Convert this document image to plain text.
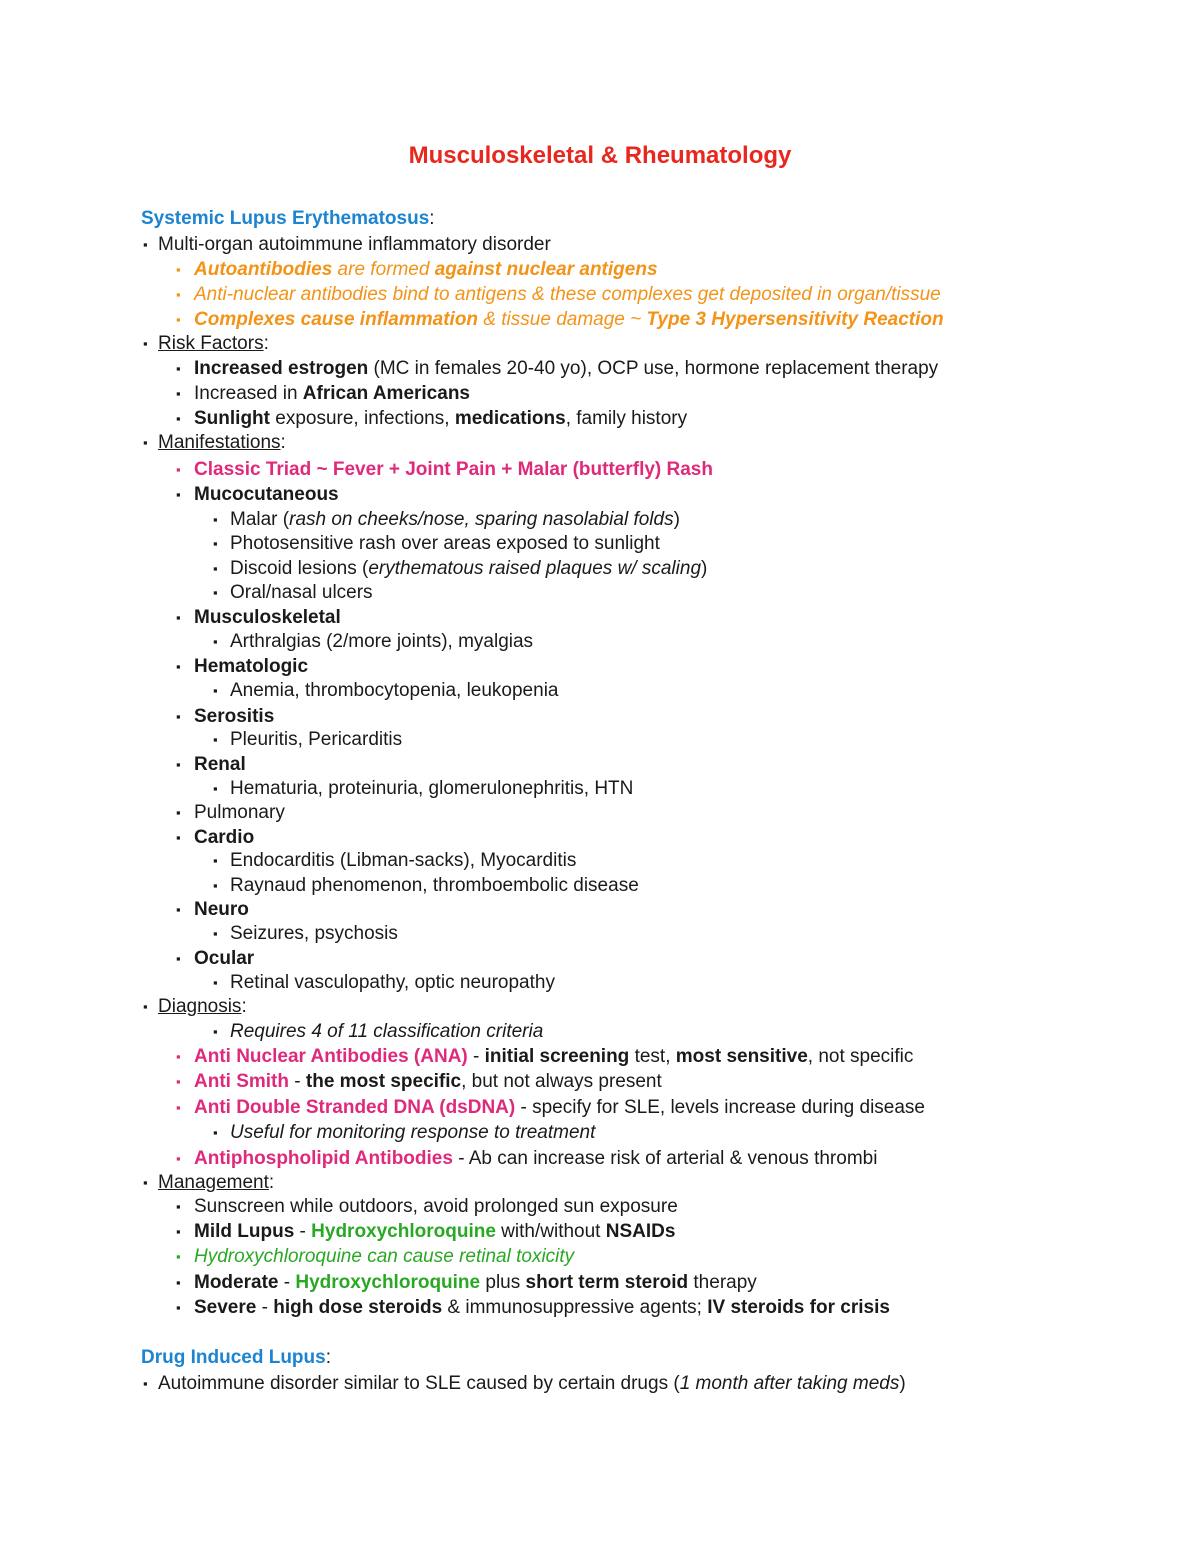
Musculoskeletal & Rheumatology
Systemic Lupus Erythematosus:
▪ Multi-organ autoimmune inflammatory disorder
▪ Autoantibodies are formed against nuclear antigens
▪ Anti-nuclear antibodies bind to antigens & these complexes get deposited in organ/tissue
▪ Complexes cause inflammation & tissue damage ~ Type 3 Hypersensitivity Reaction
▪ Risk Factors:
▪ Increased estrogen (MC in females 20-40 yo), OCP use, hormone replacement therapy
▪ Increased in African Americans
▪ Sunlight exposure, infections, medications, family history
▪ Manifestations:
▪ Classic Triad ~ Fever + Joint Pain + Malar (butterfly) Rash
▪ Mucocutaneous
▪ Malar (rash on cheeks/nose, sparing nasolabial folds)
▪ Photosensitive rash over areas exposed to sunlight
▪ Discoid lesions (erythematous raised plaques w/ scaling)
▪ Oral/nasal ulcers
▪ Musculoskeletal
▪ Arthralgias (2/more joints), myalgias
▪ Hematologic
▪ Anemia, thrombocytopenia, leukopenia
▪ Serositis
▪ Pleuritis, Pericarditis
▪ Renal
▪ Hematuria, proteinuria, glomerulonephritis, HTN
▪ Pulmonary
▪ Cardio
▪ Endocarditis (Libman-sacks), Myocarditis
▪ Raynaud phenomenon, thromboembolic disease
▪ Neuro
▪ Seizures, psychosis
▪ Ocular
▪ Retinal vasculopathy, optic neuropathy
▪ Diagnosis:
▪ Requires 4 of 11 classification criteria
▪ Anti Nuclear Antibodies (ANA) - initial screening test, most sensitive, not specific
▪ Anti Smith - the most specific, but not always present
▪ Anti Double Stranded DNA (dsDNA) - specify for SLE, levels increase during disease
▪ Useful for monitoring response to treatment
▪ Antiphospholipid Antibodies - Ab can increase risk of arterial & venous thrombi
▪ Management:
▪ Sunscreen while outdoors, avoid prolonged sun exposure
▪ Mild Lupus - Hydroxychloroquine with/without NSAIDs
▪ Hydroxychloroquine can cause retinal toxicity
▪ Moderate - Hydroxychloroquine plus short term steroid therapy
▪ Severe - high dose steroids & immunosuppressive agents; IV steroids for crisis
Drug Induced Lupus:
▪ Autoimmune disorder similar to SLE caused by certain drugs (1 month after taking meds)
